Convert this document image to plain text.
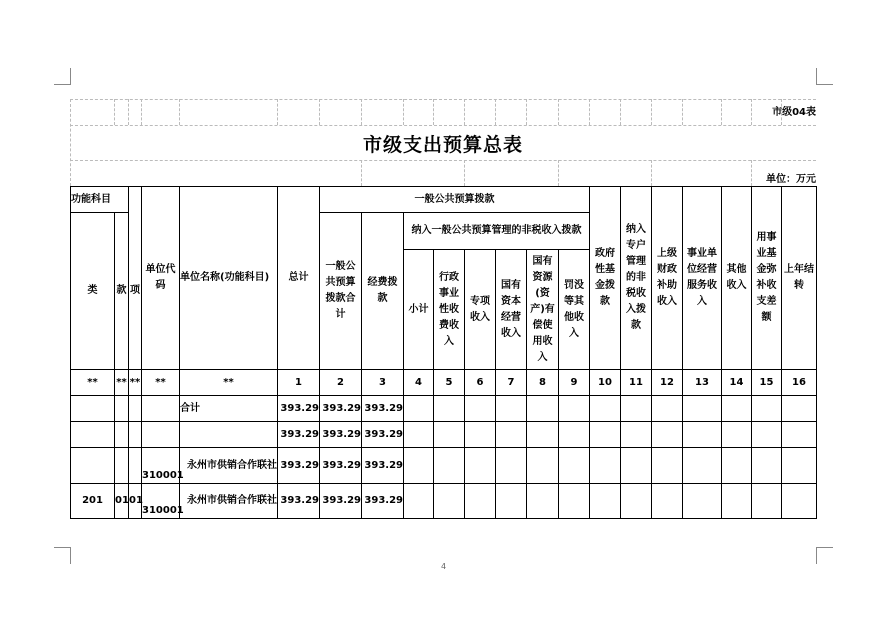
市级04表
市级支出预算总表
单位：万元
功能科目			单位代码	单位名称(功能科目)	总计	一般公共预算拨款								政府性基金拨款	纳入专户管理的非税收入拨款	上级财政补助收入	事业单位经营服务收入	其他收入	用事业基金弥补收支差额	上年结转
类	款	项				一般公共预算拨款合计	经费拨款	纳入一般公共预算管理的非税收入拨款												
								小计	行政事业性收费收入	专项收入	国有资本经营收入	国有资源(资产)有偿使用收入	罚没等其他收入							
**	**	**	**	**	1	2	3	4	5	6	7	8	9	10	11	12	13	14	15	16
				合计	393.29	393.29	393.29													
					393.29	393.29	393.29													
			310001	永州市供销合作联社	393.29	393.29	393.29													
201	01	01	310001	永州市供销合作联社	393.29	393.29	393.29													
4
